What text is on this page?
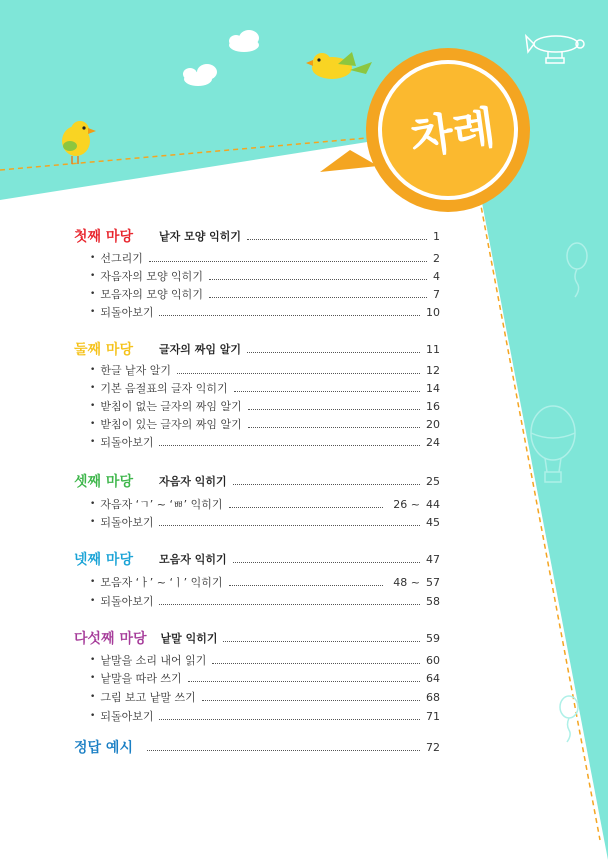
차례
첫째 마당 낱자 모양 익히기	1
• 선그리기	2
• 자음자의 모양 익히기	4
• 모음자의 모양 익히기	7
• 되돌아보기	10
둘째 마당 글자의 짜임 알기	11
• 한글 낱자 알기	12
• 기본 음절표의 글자 익히기	14
• 받침이 없는 글자의 짜임 알기	16
• 받침이 있는 글자의 짜임 알기	20
• 되돌아보기	24
셋째 마당 자음자 익히기	25
• 자음자 ‘ㄱ’ ~ ‘ㅃ’ 익히기	26 ~ 44
• 되돌아보기	45
넷째 마당 모음자 익히기	47
• 모음자 ‘ㅏ’ ~ ‘ㅣ’ 익히기	48 ~ 57
• 되돌아보기	58
다섯째 마당 낱말 익히기	59
• 낱말을 소리 내어 읽기	60
• 낱말을 따라 쓰기	64
• 그림 보고 낱말 쓰기	68
• 되돌아보기	71
정답 예시	72
